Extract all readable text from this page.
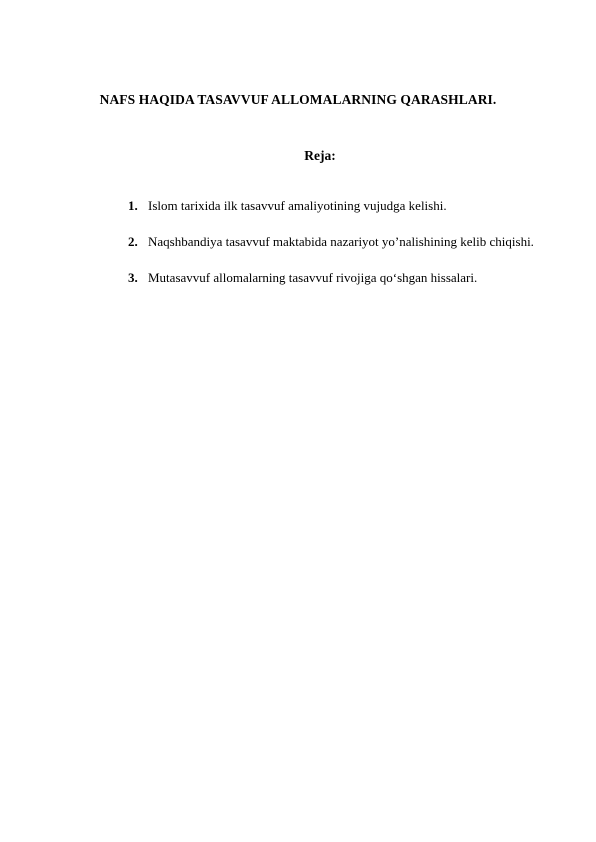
NAFS HAQIDA TASAVVUF ALLOMALARNING QARASHLARI.
Reja:
1. Islom tarixida ilk tasavvuf amaliyotining vujudga kelishi.
2. Naqshbandiya tasavvuf maktabida nazariyot yo’nalishining kelib chiqishi.
3. Mutasavvuf allomalarning tasavvuf rivojiga qo‘shgan hissalari.
